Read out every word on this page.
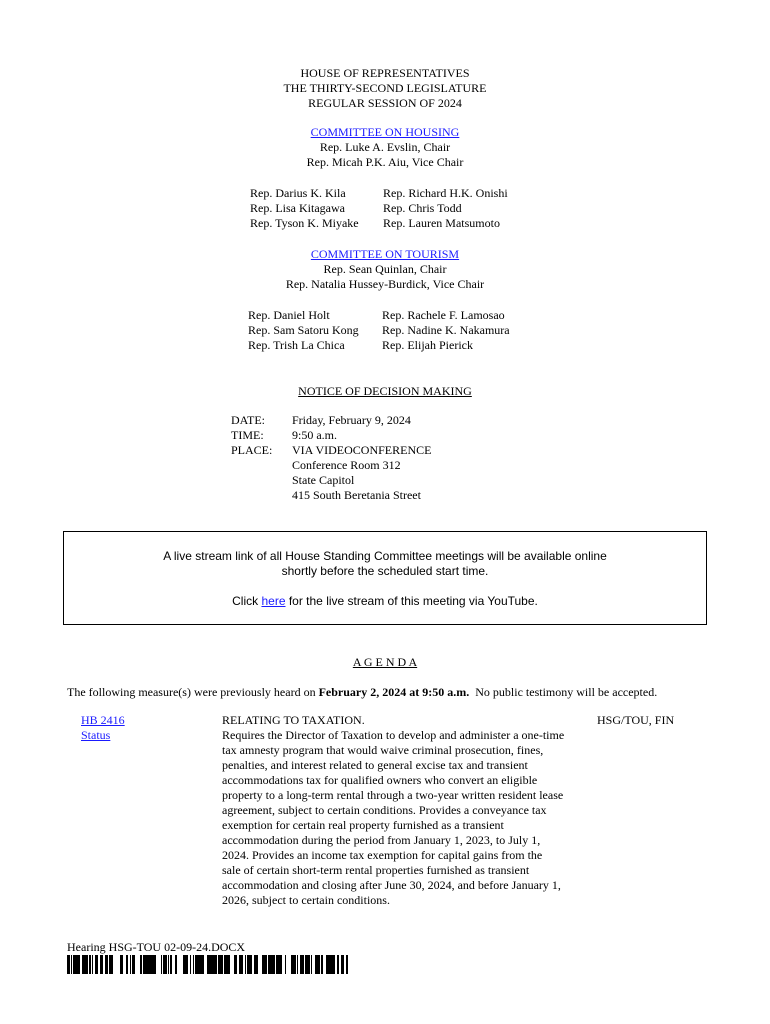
HOUSE OF REPRESENTATIVES
THE THIRTY-SECOND LEGISLATURE
REGULAR SESSION OF 2024
COMMITTEE ON HOUSING
Rep. Luke A. Evslin, Chair
Rep. Micah P.K. Aiu, Vice Chair
Rep. Darius K. Kila
Rep. Lisa Kitagawa
Rep. Tyson K. Miyake
Rep. Richard H.K. Onishi
Rep. Chris Todd
Rep. Lauren Matsumoto
COMMITTEE ON TOURISM
Rep. Sean Quinlan, Chair
Rep. Natalia Hussey-Burdick, Vice Chair
Rep. Daniel Holt
Rep. Sam Satoru Kong
Rep. Trish La Chica
Rep. Rachele F. Lamosao
Rep. Nadine K. Nakamura
Rep. Elijah Pierick
NOTICE OF DECISION MAKING
DATE:
TIME:
PLACE:
Friday, February 9, 2024
9:50 a.m.
VIA VIDEOCONFERENCE
Conference Room 312
State Capitol
415 South Beretania Street
A live stream link of all House Standing Committee meetings will be available online
shortly before the scheduled start time.
Click here for the live stream of this meeting via YouTube.
A G E N D A
The following measure(s) were previously heard on February 2, 2024 at 9:50 a.m.  No public testimony will be accepted.
HB 2416
Status
RELATING TO TAXATION.
Requires the Director of Taxation to develop and administer a one-time
tax amnesty program that would waive criminal prosecution, fines,
penalties, and interest related to general excise tax and transient
accommodations tax for qualified owners who convert an eligible
property to a long-term rental through a two-year written resident lease
agreement, subject to certain conditions. Provides a conveyance tax
exemption for certain real property furnished as a transient
accommodation during the period from January 1, 2023, to July 1,
2024. Provides an income tax exemption for capital gains from the
sale of certain short-term rental properties furnished as transient
accommodation and closing after June 30, 2024, and before January 1,
2026, subject to certain conditions.
HSG/TOU, FIN
Hearing HSG-TOU 02-09-24.DOCX
